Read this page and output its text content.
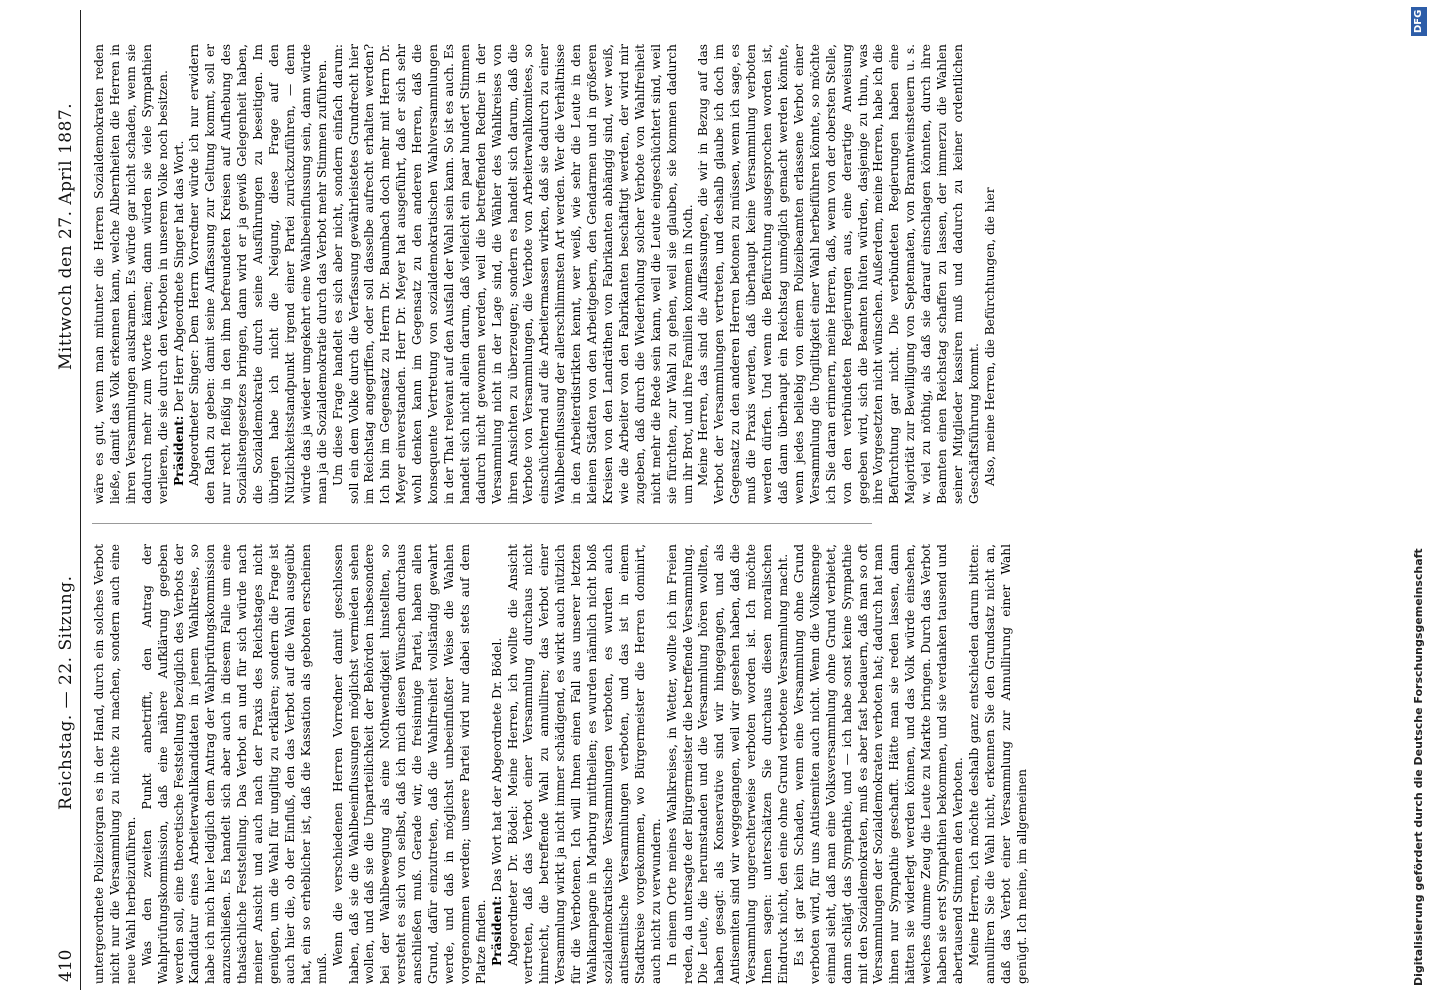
410
Reichstag. — 22. Sitzung.
Mittwoch den 27. April 1887.

untergeordnete Polizeiorgan es in der Hand, durch ein solches Verbot nicht nur die Versammlung zu nichte zu machen, sondern auch eine neue Wahl herbeizuführen. Was den zweiten Punkt anbetrifft, den Antrag der Wahlprüfungskommission, daß eine nähere Aufklärung gegeben werden soll, eine theoretische Feststellung bezüglich des Verbots der Kandidatur eines Arbeiterwahlkandidaten in jenem Wahlkreise, so habe ich mich hier lediglich dem Antrag der Wahlprüfungskommission anzuschließen. Es handelt sich aber auch in diesem Falle um eine thatsächliche Feststellung. Das Verbot an und für sich würde nach meiner Ansicht und auch nach der Praxis des Reichstages nicht genügen, um die Wahl für ungiltig zu erklären; sondern die Frage ist auch hier die, ob der Einfluß, den das Verbot auf die Wahl ausgeübt hat, ein so erheblicher ist, daß die Kassation als geboten erscheinen muß.

Wenn die verschiedenen Herren Vorredner damit geschlossen haben, daß sie die Wahlbeeinflussungen möglichst vermieden sehen wollen, und daß sie die Unparteilichkeit der Behörden insbesondere bei der Wahlbewegung als eine Nothwendigkeit hinstellten, so versteht es sich von selbst, daß ich mich diesen Wünschen durchaus anschließen muß. Gerade wir, die freisinnige Partei, haben allen Grund, dafür einzutreten, daß die Wahlfreiheit vollständig gewahrt werde, und daß in möglichst unbeeinflußter Weise die Wahlen vorgenommen werden; unsere Partei wird nur dabei stets auf dem Platze finden. Präsident: Das Wort hat der Abgeordnete Dr. Bödel. Abgeordneter Dr. Bödel: Meine Herren, ich wollte die Ansicht vertreten, daß das Verbot einer Versammlung durchaus nicht hinreicht, die betreffende Wahl zu annulliren; das Verbot einer Versammlung wirkt ja nicht immer schädigend, es wirkt auch nützlich für die Verbotenen. Ich will Ihnen einen Fall aus unserer letzten Wahlkampagne in Marburg mittheilen; es wurden nämlich nicht bloß sozialdemokratische Versammlungen verboten, es wurden auch antisemitische Versammlungen verboten, und das ist in einem Stadtkreise vorgekommen, wo Bürgermeister die Herren dominirt, auch nicht zu verwundern. In einem Orte meines Wahlkreises, in Wetter, wollte ich im Freien reden, da untersagte der Bürgermeister die betreffende Versammlung. Die Leute, die herumstanden und die Versammlung hören wollten, haben gesagt: als Konservative sind wir hingegangen, und als Antisemiten sind wir weggegangen, weil wir gesehen haben, daß die Versammlung ungerechterweise verboten worden ist. Ich möchte Ihnen sagen: unterschätzen Sie durchaus diesen moralischen Eindruck nicht, den eine ohne Grund verbotene Versammlung macht. Es ist gar kein Schaden, wenn eine Versammlung ohne Grund verboten wird, für uns Antisemiten auch nicht. Wenn die Volksmenge einmal sieht, daß man eine Volksversammlung ohne Grund verbietet, dann schlägt das Sympathie, und — ich habe sonst keine Sympathie mit den Sozialdemokraten, muß es aber fast bedauern, daß man so oft Versammlungen der Sozialdemokraten verboten hat; dadurch hat man ihnen nur Sympathie geschafft. Hätte man sie reden lassen, dann hätten sie widerlegt werden können, und das Volk würde einsehen, welches dumme Zeug die Leute zu Markte bringen. Durch das Verbot haben sie erst Sympathien bekommen, und sie verdanken tausend und abertausend Stimmen den Verboten. Meine Herren, ich möchte deshalb ganz entschieden darum bitten: annulliren Sie die Wahl nicht, erkennen Sie den Grundsatz nicht an, daß das Verbot einer Versammlung zur Annullirung einer Wahl genügt. Ich meine, im allgemeinen

wäre es gut, wenn man mitunter die Herren Sozialdemokraten reden ließe, damit das Volk erkennen kann, welche Albernheiten die Herren in ihren Versammlungen auskramen. Es würde gar nicht schaden, wenn sie dadurch mehr zum Worte kämen; dann würden sie viele Sympathien verlieren, die sie durch den Verboten in unserem Volke noch besitzen. Präsident: Der Herr Abgeordnete Singer hat das Wort. Abgeordneter Singer: Dem Herrn Vorredner würde ich nur erwidern den Rath zu geben: damit seine Auffassung zur Geltung kommt, soll er nur recht fleißig in den ihm befreundeten Kreisen auf Aufhebung des Sozialistengesetzes bringen, dann wird er ja gewiß Gelegenheit haben, die Sozialdemokratie durch seine Ausführungen zu beseitigen. Im übrigen habe ich nicht die Neigung, diese Frage auf den Nützlichkeitsstandpunkt irgend einer Partei zurückzuführen, — denn würde das ja wieder umgekehrt eine Wahlbeeinflussung sein, dann würde man ja die Sozialdemokratie durch das Verbot mehr Stimmen zuführen. Um diese Frage handelt es sich aber nicht, sondern einfach darum: soll ein dem Volke durch die Verfassung gewährleistetes Grundrecht hier im Reichstag angegriffen, oder soll dasselbe aufrecht erhalten werden? Ich bin im Gegensatz zu Herrn Dr. Baumbach doch mehr mit Herrn Dr. Meyer einverstanden. Herr Dr. Meyer hat ausgeführt, daß er sich sehr wohl denken kann im Gegensatz zu den anderen Herren, daß die konsequente Vertretung von sozialdemokratischen Wahlversammlungen in der That relevant auf den Ausfall der Wahl sein kann. So ist es auch. Es handelt sich nicht allein darum, daß vielleicht ein paar hundert Stimmen dadurch nicht gewonnen werden, weil die betreffenden Redner in der Versammlung nicht in der Lage sind, die Wähler des Wahlkreises von ihren Ansichten zu überzeugen; sondern es handelt sich darum, daß die Verbote von Versammlungen, die Verbote von Arbeiterwahlkomitees, so einschüchternd auf die Arbeitermassen wirken, daß sie dadurch zu einer Wahlbeeinflussung der allerschlimmsten Art werden. Wer die Verhältnisse in den Arbeiterdistrikten kennt, wer weiß, wie sehr die Leute in den kleinen Städten von den Arbeitgebern, den Gendarmen und in größeren Kreisen von den Landräthen von Fabrikanten abhängig sind, wer weiß, wie die Arbeiter von den Fabrikanten beschäftigt werden, der wird mir zugeben, daß durch die Wiederholung solcher Verbote von Wahlfreiheit nicht mehr die Rede sein kann, weil die Leute eingeschüchtert sind, weil sie fürchten, zur Wahl zu gehen, weil sie glauben, sie kommen dadurch um ihr Brot, und ihre Familien kommen in Noth. Meine Herren, das sind die Auffassungen, die wir in Bezug auf das Verbot der Versammlungen vertreten, und deshalb glaube ich doch im Gegensatz zu den anderen Herren betonen zu müssen, wenn ich sage, es muß die Praxis werden, daß überhaupt keine Versammlung verboten werden dürfen. Und wenn die Befürchtung ausgesprochen worden ist, daß dann überhaupt ein Reichstag unmöglich gemacht werden könnte, wenn jedes beliebig von einem Polizeibeamten erlassene Verbot einer Versammlung die Ungiltigkeit einer Wahl herbeiführen könnte, so möchte ich Sie daran erinnern, meine Herren, daß, wenn von der obersten Stelle, von den verbündeten Regierungen aus, eine derartige Anweisung gegeben wird, sich die Beamten hüten würden, dasjenige zu thun, was ihre Vorgesetzten nicht wünschen. Außerdem, meine Herren, habe ich die Befürchtung gar nicht. Die verbündeten Regierungen haben eine Majorität zur Bewilligung von Septennaten, von Branntweinsteuern u. s. w. viel zu nöthig, als daß sie darauf einschlagen könnten, durch ihre Beamten einen Reichstag schaffen zu lassen, der immerzu die Wahlen seiner Mitglieder kassiren muß und dadurch zu keiner ordentlichen Geschäftsführung kommt. Also, meine Herren, die Befürchtungen, die hier

Digitalisierung gefördert durch die Deutsche Forschungsgemeinschaft
DFG
